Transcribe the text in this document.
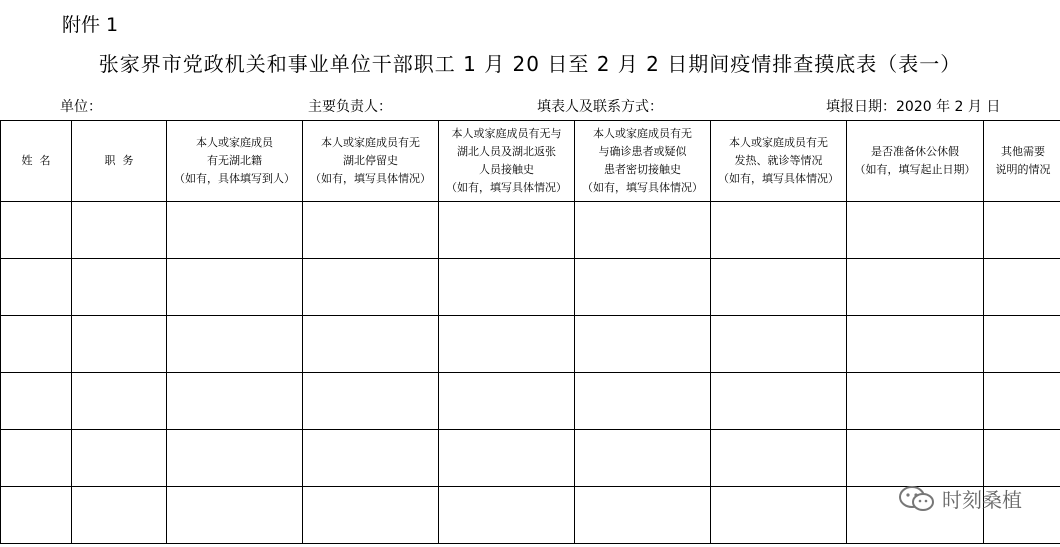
附件 1
张家界市党政机关和事业单位干部职工 1 月 20 日至 2 月 2 日期间疫情排查摸底表（表一）
单位：	主要负责人：	填表人及联系方式：	填报日期：2020 年 2 月 日
姓  名	职  务	本人或家庭成员
有无湖北籍
（如有，具体填写到人）	本人或家庭成员有无
湖北停留史
（如有，填写具体情况）	本人或家庭成员有无与
湖北人员及湖北返张
人员接触史
（如有，填写具体情况）	本人或家庭成员有无
与确诊患者或疑似
患者密切接触史
（如有，填写具体情况）	本人或家庭成员有无
发热、就诊等情况
（如有，填写具体情况）	是否准备休公休假
（如有，填写起止日期）	其他需要
说明的情况

时刻桑植
